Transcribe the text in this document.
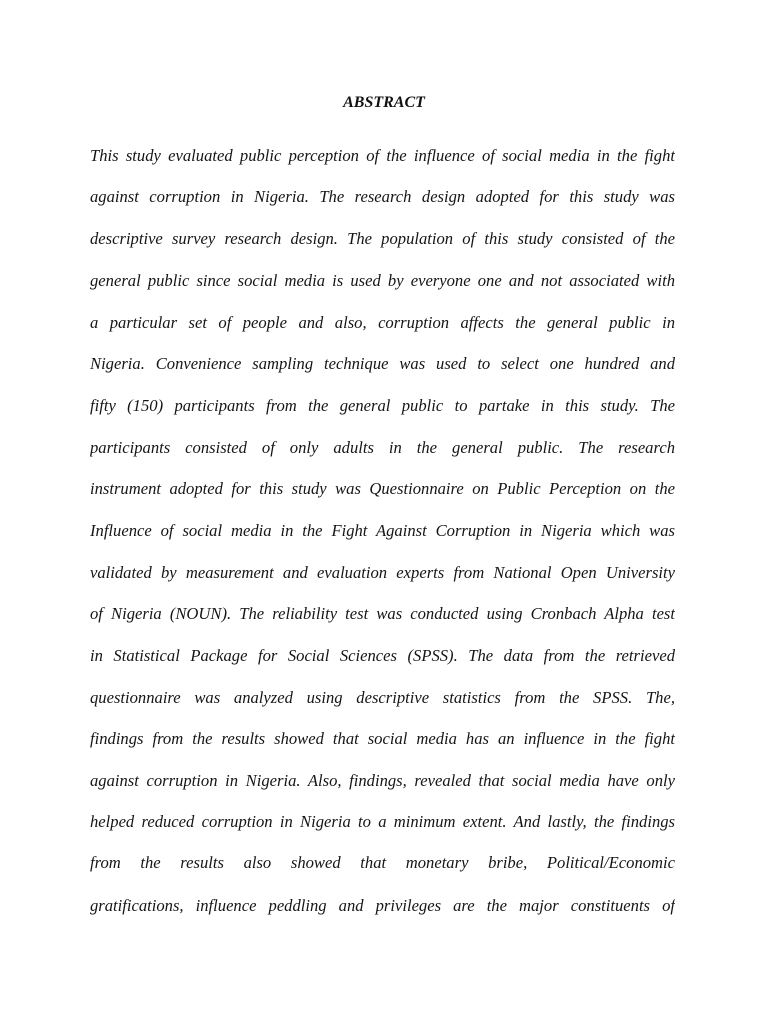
ABSTRACT
This study evaluated public perception of the influence of social media in the fight
against corruption in Nigeria. The research design adopted for this study was
descriptive survey research design. The population of this study consisted of the
general public since social media is used by everyone one and not associated with
a particular set of people and also, corruption affects the general public in
Nigeria. Convenience sampling technique was used to select one hundred and
fifty (150) participants from the general public to partake in this study. The
participants consisted of only adults in the general public. The research
instrument adopted for this study was Questionnaire on Public Perception on the
Influence of social media in the Fight Against Corruption in Nigeria which was
validated by measurement and evaluation experts from National Open University
of Nigeria (NOUN). The reliability test was conducted using Cronbach Alpha test
in Statistical Package for Social Sciences (SPSS). The data from the retrieved
questionnaire was analyzed using descriptive statistics from the SPSS. The,
findings from the results showed that social media has an influence in the fight
against corruption in Nigeria. Also, findings, revealed that social media have only
helped reduced corruption in Nigeria to a minimum extent. And lastly, the findings
from the results also showed that monetary bribe, Political/Economic
gratifications, influence peddling and privileges are the major constituents of
